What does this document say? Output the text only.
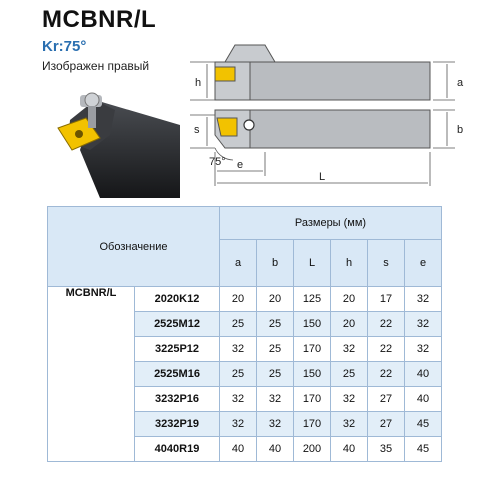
MCBNR/L
Kr:75°
Изображен правый
h	a
s	b
75° e
L
Обозначение		Размеры (мм)					
		a	b	L	h	s	e
MCBNR/L	2020K12	20	20	125	20	17	32
	2525M12	25	25	150	20	22	32
	3225P12	32	25	170	32	22	32
	2525M16	25	25	150	25	22	40
	3232P16	32	32	170	32	27	40
	3232P19	32	32	170	32	27	45
	4040R19	40	40	200	40	35	45
